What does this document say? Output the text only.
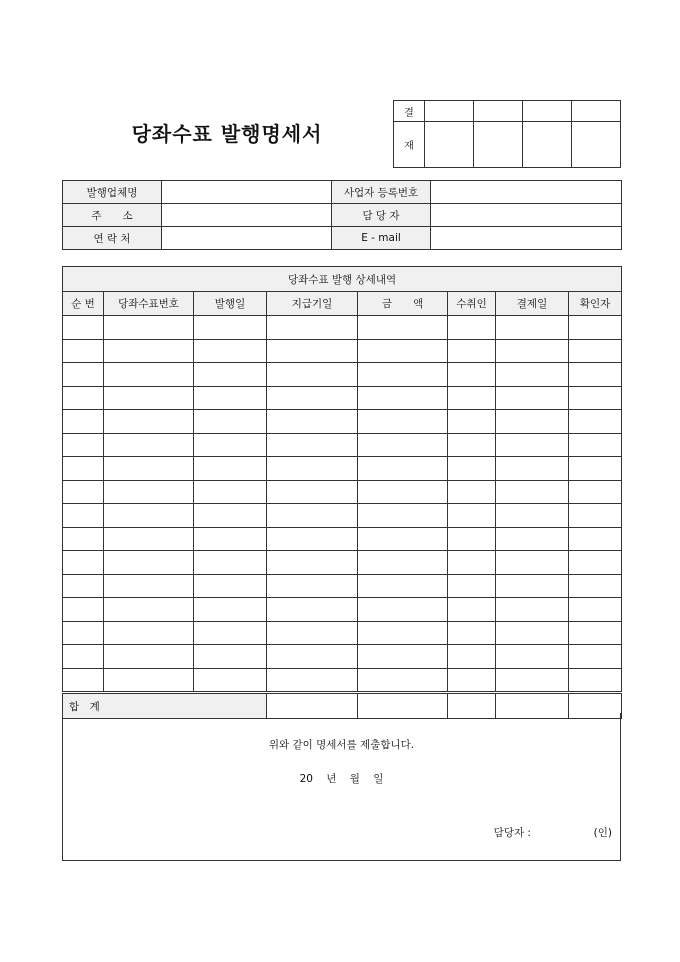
당좌수표 발행명세서
결				
재				
발행업체명		사업자 등록번호	
주　　소		담 당 자	
연 락 처		E - mail	
당좌수표 발행 상세내역							
순 번	당좌수표번호	발행일	지급기일	금　　액	수취인	결제일	확인자

합　계							
위와 같이 명세서를 제출합니다.
20 년 월 일
담당자 :	(인)
